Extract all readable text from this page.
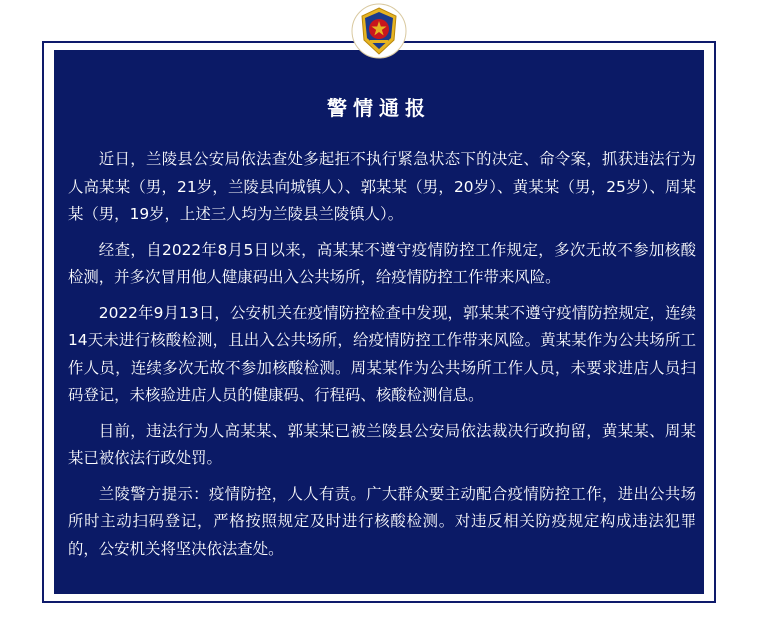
警情通报

近日，兰陵县公安局依法查处多起拒不执行紧急状态下的决定、命令案，抓获违法行为人高某某（男，21岁，兰陵县向城镇人）、郭某某（男，20岁）、黄某某（男，25岁）、周某某（男，19岁，上述三人均为兰陵县兰陵镇人）。

经查，自2022年8月5日以来，高某某不遵守疫情防控工作规定，多次无故不参加核酸检测，并多次冒用他人健康码出入公共场所，给疫情防控工作带来风险。

2022年9月13日，公安机关在疫情防控检查中发现，郭某某不遵守疫情防控规定，连续14天未进行核酸检测，且出入公共场所，给疫情防控工作带来风险。黄某某作为公共场所工作人员，连续多次无故不参加核酸检测。周某某作为公共场所工作人员，未要求进店人员扫码登记，未核验进店人员的健康码、行程码、核酸检测信息。

目前，违法行为人高某某、郭某某已被兰陵县公安局依法裁决行政拘留，黄某某、周某某已被依法行政处罚。

兰陵警方提示：疫情防控，人人有责。广大群众要主动配合疫情防控工作，进出公共场所时主动扫码登记，严格按照规定及时进行核酸检测。对违反相关防疫规定构成违法犯罪的，公安机关将坚决依法查处。
